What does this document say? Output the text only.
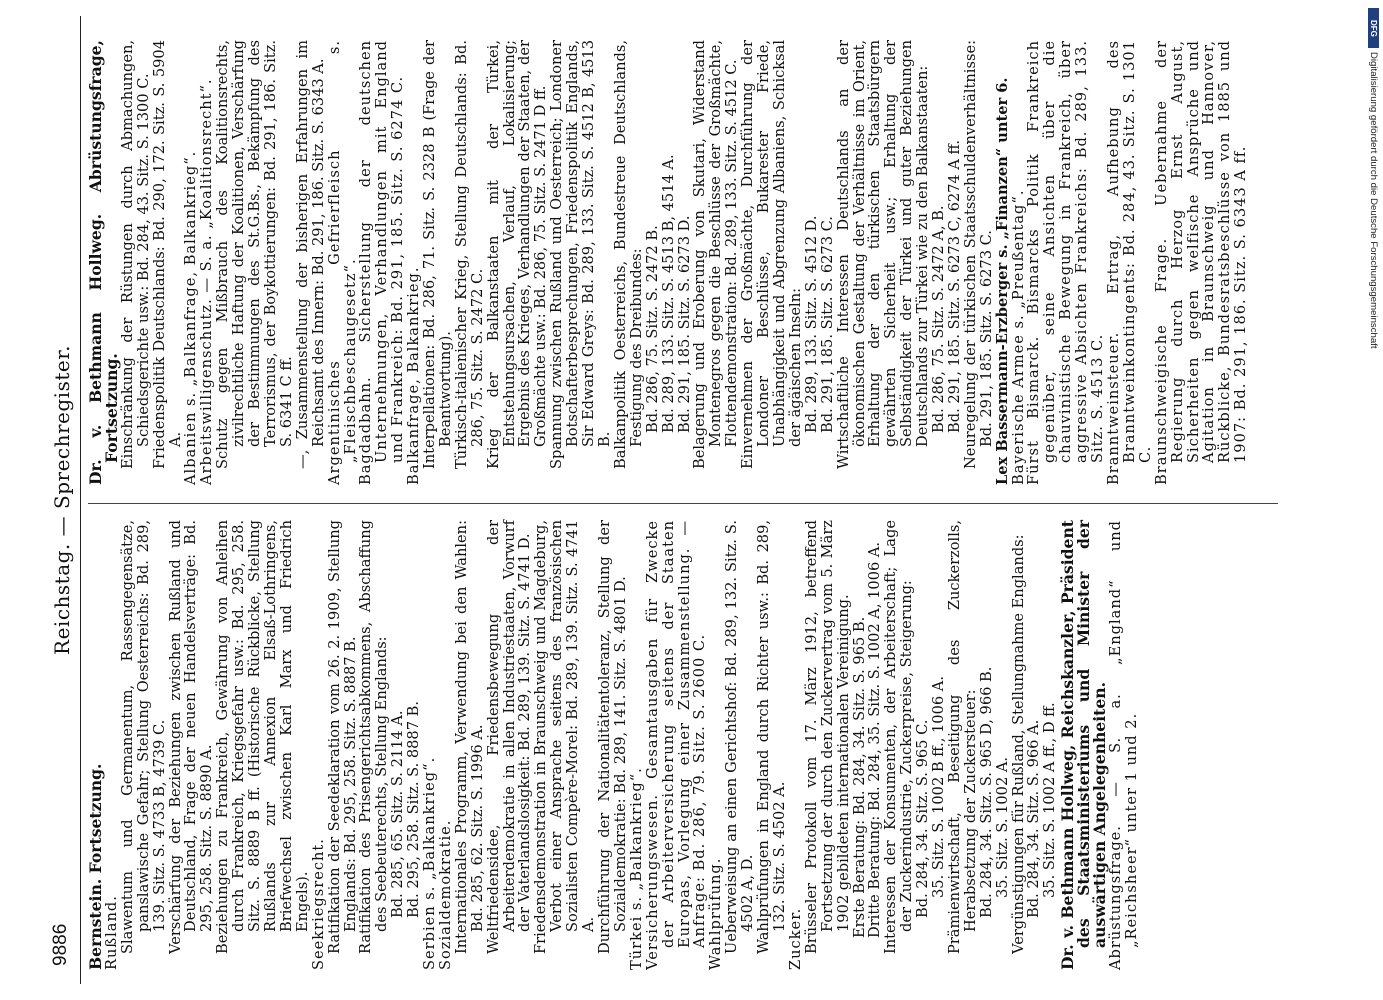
9886
Reichstag. — Sprechregister.

Bernstein. Fortsetzung.

Rußland.

Slawentum und Germanentum, Rassengegensätze, panslawische Gefahr; Stellung Oesterreichs: Bd. 289, 139. Sitz. S. 4733 B, 4739 C.

Verschärfung der Beziehungen zwischen Rußland und Deutschland, Frage der neuen Handelsverträge: Bd. 295, 258. Sitz. S. 8890 A.

Beziehungen zu Frankreich, Gewährung von Anleihen durch Frankreich, Kriegsgefahr usw.: Bd. 295, 258. Sitz. S. 8889 B ff. (Historische Rückblicke, Stellung Rußlands zur Annexion Elsaß-Lothringens, Briefwechsel zwischen Karl Marx und Friedrich Engels).

Seekriegsrecht.

Ratifikation der Seedeklaration vom 26. 2. 1909, Stellung Englands: Bd. 295, 258. Sitz. S. 8887 B.

Ratifikation des Prisengerichtsabkommens, Abschaffung des Seebeuterechts, Stellung Englands:

Bd. 285, 65. Sitz. S. 2114 A.

Bd. 295, 258. Sitz. S. 8887 B.

Serbien s. „Balkankrieg“.

Sozialdemokratie.

Internationales Programm, Verwendung bei den Wahlen: Bd. 285, 62. Sitz. S. 1996 A.

Weltfriedensidee, Friedensbewegung der Arbeiterdemokratie in allen Industriestaaten, Vorwurf der Vaterlandslosigkeit: Bd. 289, 139. Sitz. S. 4741 D.

Friedensdemonstration in Braunschweig und Magdeburg, Verbot einer Ansprache seitens des französischen Sozialisten Compère-Morel: Bd. 289, 139. Sitz. S. 4741 A.

Durchführung der Nationalitätentoleranz, Stellung der Sozialdemokratie: Bd. 289, 141. Sitz. S. 4801 D.

Türkei s. „Balkankrieg“.

Versicherungswesen. Gesamtausgaben für Zwecke der Arbeiterversicherung seitens der Staaten Europas, Vorlegung einer Zusammenstellung. — Anfrage: Bd. 286, 79. Sitz. S. 2600 C.

Wahlprüfung.

Ueberweisung an einen Gerichtshof: Bd. 289, 132. Sitz. S. 4502 A, D.

Wahlprüfungen in England durch Richter usw.: Bd. 289, 132. Sitz. S. 4502 A.

Zucker.

Brüsseler Protokoll vom 17. März 1912, betreffend Fortsetzung der durch den Zuckervertrag vom 5. März 1902 gebildeten internationalen Vereinigung.

Erste Beratung: Bd. 284, 34. Sitz. S. 965 B.

Dritte Beratung: Bd. 284, 35. Sitz. S. 1002 A, 1006 A.

Interessen der Konsumenten, der Arbeiterschaft; Lage der Zuckerindustrie, Zuckerpreise, Steigerung:

Bd. 284, 34. Sitz. S. 965 C.

35. Sitz. S. 1002 B ff., 1006 A.

Prämienwirtschaft, Beseitigung des Zuckerzolls, Herabsetzung der Zuckersteuer:

Bd. 284, 34. Sitz. S. 965 D, 966 B.

35. Sitz. S. 1002 A.

Vergünstigungen für Rußland, Stellungnahme Englands:

Bd. 284, 34. Sitz. S. 966 A.

35. Sitz. S. 1002 A ff., D ff. Dr. v. Bethmann Hollweg, Reichskanzler, Präsident des Staatsministeriums und Minister der auswärtigen Angelegenheiten.

Abrüstungsfrage. — S. a. „England“ und „Reichsheer“ unter 1 und 2.

Dr. v. Bethmann Hollweg. Abrüstungsfrage, Fortsetzung.

Einschränkung der Rüstungen durch Abmachungen, Schiedsgerichte usw.: Bd. 284, 43. Sitz. S. 1300 C.

Friedenspolitik Deutschlands: Bd. 290, 172. Sitz. S. 5904 A.

Albanien s. „Balkanfrage, Balkankrieg“.

Arbeitswilligenschutz. — S. a. „Koalitionsrecht“.

Schutz gegen Mißbrauch des Koalitionsrechts, zivilrechtliche Haftung der Koalitionen, Verschärfung der Bestimmungen des St.G.Bs., Bekämpfung des Terrorismus, der Boykottierungen: Bd. 291, 186. Sitz. S. 6341 C ff.

—, Zusammenstellung der bisherigen Erfahrungen im Reichsamt des Innern: Bd. 291, 186. Sitz. S. 6343 A.

Argentinisches Gefrierfleisch s. „Fleischbeschaugesetz“.

Bagdadbahn. Sicherstellung der deutschen Unternehmungen, Verhandlungen mit England und Frankreich: Bd. 291, 185. Sitz. S. 6274 C.

Balkanfrage, Balkankrieg.

Interpellationen: Bd. 286, 71. Sitz. S. 2328 B (Frage der Beantwortung).

Türkisch-italienischer Krieg, Stellung Deutschlands: Bd. 286, 75. Sitz. S. 2472 C.

Krieg der Balkanstaaten mit der Türkei, Entstehungsursachen, Verlauf, Lokalisierung; Ergebnis des Krieges, Verhandlungen der Staaten, der Großmächte usw.: Bd. 286, 75. Sitz. S. 2471 D ff.

Spannung zwischen Rußland und Oesterreich; Londoner Botschafterbesprechungen, Friedenspolitik Englands, Sir Edward Greys: Bd. 289, 133. Sitz. S. 4512 B, 4513 B.

Balkanpolitik Oesterreichs, Bundestreue Deutschlands, Festigung des Dreibundes:

Bd. 286, 75. Sitz. S. 2472 B.

Bd. 289, 133. Sitz. S. 4513 B, 4514 A.

Bd. 291, 185. Sitz. S. 6273 D.

Belagerung und Eroberung von Skutari, Widerstand Montenegros gegen die Beschlüsse der Großmächte, Flottendemonstration: Bd. 289, 133. Sitz. S. 4512 C.

Einvernehmen der Großmächte, Durchführung der Londoner Beschlüsse, Bukarester Friede, Unabhängigkeit und Abgrenzung Albaniens, Schicksal der ägäischen Inseln:

Bd. 289, 133. Sitz. S. 4512 D.

Bd. 291, 185. Sitz. S. 6273 C.

Wirtschaftliche Interessen Deutschlands an der ökonomischen Gestaltung der Verhältnisse im Orient, Erhaltung der den türkischen Staatsbürgern gewährten Sicherheit usw.; Erhaltung der Selbständigkeit der Türkei und guter Beziehungen Deutschlands zur Türkei wie zu den Balkanstaaten:

Bd. 286, 75. Sitz. S. 2472 A, B.

Bd. 291, 185. Sitz. S. 6273 C, 6274 A ff.

Neuregelung der türkischen Staatsschuldenverhältnisse: Bd. 291, 185. Sitz. S. 6273 C.

Lex Bassermann-Erzberger s. „Finanzen“ unter 6.

Bayerische Armee s. „Preußentag“.

Fürst Bismarck. Bismarcks Politik Frankreich gegenüber, seine Ansichten über die chauvinistische Bewegung in Frankreich, über aggressive Absichten Frankreichs: Bd. 289, 133. Sitz. S. 4513 C.

Branntweinsteuer. Ertrag, Aufhebung des Branntweinkontingents: Bd. 284, 43. Sitz. S. 1301 C.

Braunschweigische Frage. Uebernahme der Regierung durch Herzog Ernst August, Sicherheiten gegen welfische Ansprüche und Agitation in Braunschweig und Hannover, Rückblicke, Bundesratsbeschlüsse von 1885 und 1907: Bd. 291, 186. Sitz. S. 6343 A ff.

DFG
Digitalisierung gefördert durch die Deutsche Forschungsgemeinschaft
